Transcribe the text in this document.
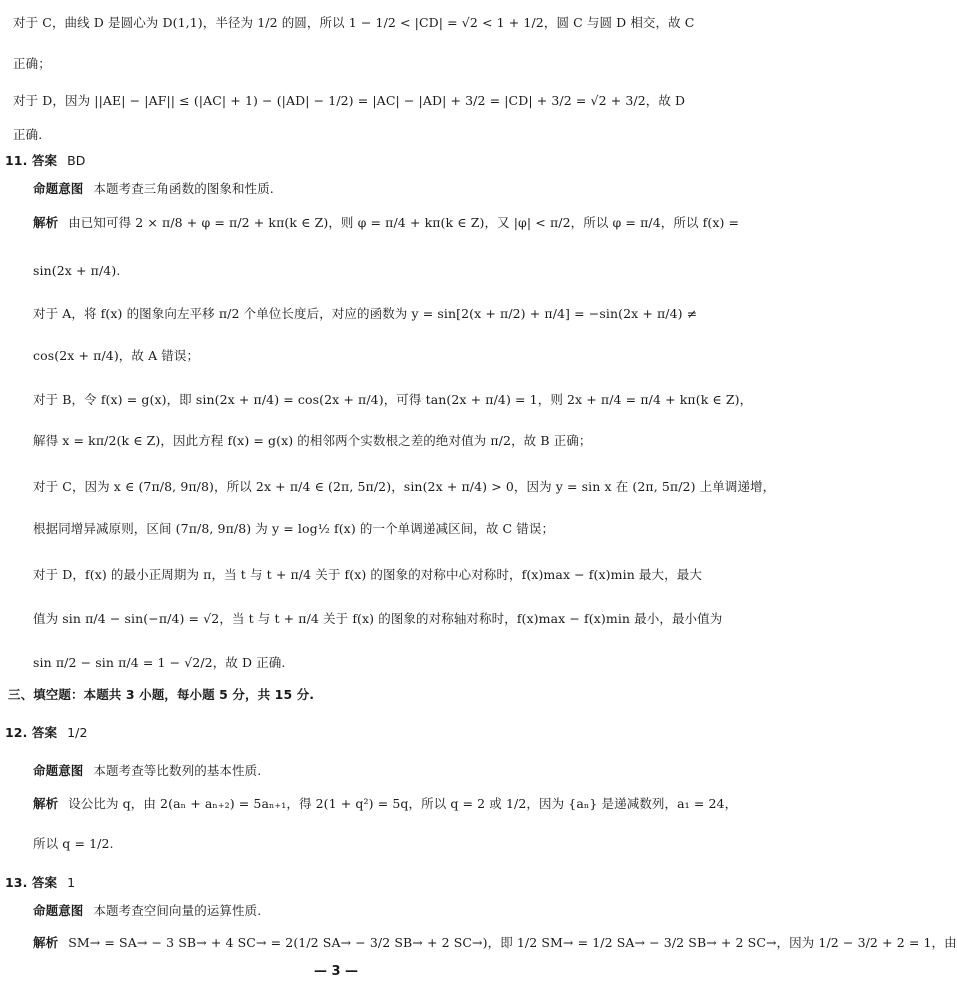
对于 C，曲线 D 是圆心为 D(1,1)，半径为 1/2 的圆，所以 1 − 1/2 < |CD| = √2 < 1 + 1/2，圆 C 与圆 D 相交，故 C
正确；
对于 D，因为 ||AE| − |AF|| ≤ (|AC| + 1) − (|AD| − 1/2) = |AC| − |AD| + 3/2 = |CD| + 3/2 = √2 + 3/2，故 D
正确.
11. 答案 BD
命题意图 本题考查三角函数的图象和性质.
解析 由已知可得 2 × π/8 + φ = π/2 + kπ(k ∈ Z)，则 φ = π/4 + kπ(k ∈ Z)，又 |φ| < π/2，所以 φ = π/4，所以 f(x) =
sin(2x + π/4).
对于 A，将 f(x) 的图象向左平移 π/2 个单位长度后，对应的函数为 y = sin[2(x + π/2) + π/4] = −sin(2x + π/4) ≠
cos(2x + π/4)，故 A 错误；
对于 B，令 f(x) = g(x)，即 sin(2x + π/4) = cos(2x + π/4)，可得 tan(2x + π/4) = 1，则 2x + π/4 = π/4 + kπ(k ∈ Z)，
解得 x = kπ/2(k ∈ Z)，因此方程 f(x) = g(x) 的相邻两个实数根之差的绝对值为 π/2，故 B 正确；
对于 C，因为 x ∈ (7π/8, 9π/8)，所以 2x + π/4 ∈ (2π, 5π/2)，sin(2x + π/4) > 0，因为 y = sin x 在 (2π, 5π/2) 上单调递增，
根据同增异减原则，区间 (7π/8, 9π/8) 为 y = log½ f(x) 的一个单调递减区间，故 C 错误；
对于 D，f(x) 的最小正周期为 π，当 t 与 t + π/4 关于 f(x) 的图象的对称中心对称时，f(x)max − f(x)min 最大，最大
值为 sin π/4 − sin(−π/4) = √2，当 t 与 t + π/4 关于 f(x) 的图象的对称轴对称时，f(x)max − f(x)min 最小，最小值为
sin π/2 − sin π/4 = 1 − √2/2，故 D 正确.
三、填空题：本题共 3 小题，每小题 5 分，共 15 分.
12. 答案 1/2
命题意图 本题考查等比数列的基本性质.
解析 设公比为 q，由 2(aₙ + aₙ₊₂) = 5aₙ₊₁，得 2(1 + q²) = 5q，所以 q = 2 或 1/2，因为 {aₙ} 是递减数列，a₁ = 24，
所以 q = 1/2.
13. 答案 1
命题意图 本题考查空间向量的运算性质.
解析 SM→ = SA→ − 3 SB→ + 4 SC→ = 2(1/2 SA→ − 3/2 SB→ + 2 SC→)，即 1/2 SM→ = 1/2 SA→ − 3/2 SB→ + 2 SC→，因为 1/2 − 3/2 + 2 = 1，由
— 3 —
